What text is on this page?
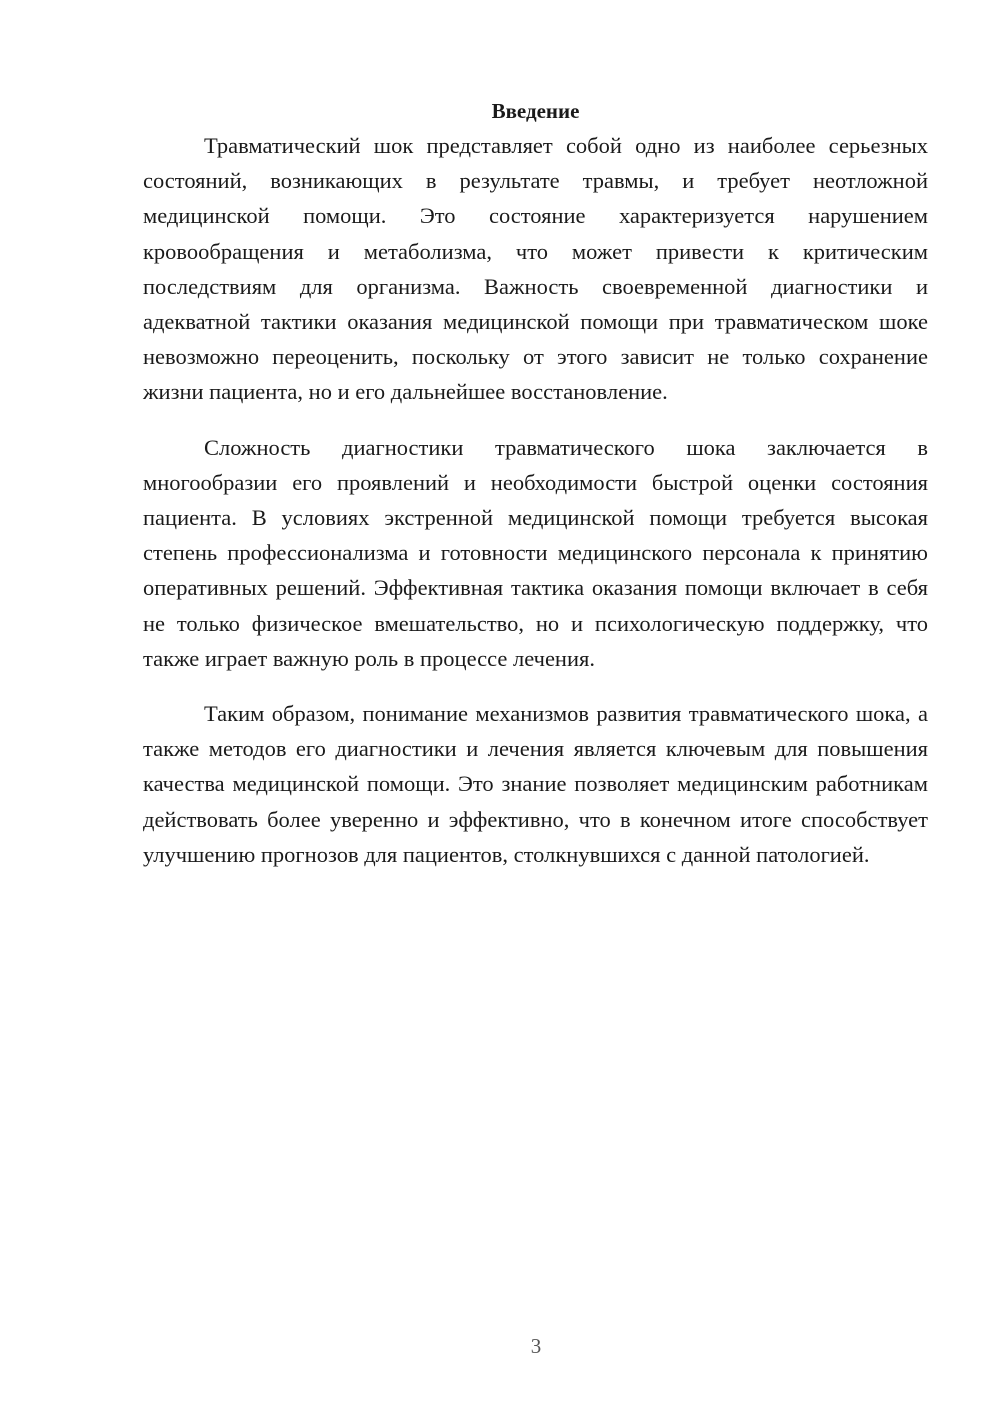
Введение

Травматический шок представляет собой одно из наиболее серьезных состояний, возникающих в результате травмы, и требует неотложной медицинской помощи. Это состояние характеризуется нарушением кровообращения и метаболизма, что может привести к критическим последствиям для организма. Важность своевременной диагностики и адекватной тактики оказания медицинской помощи при травматическом шоке невозможно переоценить, поскольку от этого зависит не только сохранение жизни пациента, но и его дальнейшее восстановление.

Сложность диагностики травматического шока заключается в многообразии его проявлений и необходимости быстрой оценки состояния пациента. В условиях экстренной медицинской помощи требуется высокая степень профессионализма и готовности медицинского персонала к принятию оперативных решений. Эффективная тактика оказания помощи включает в себя не только физическое вмешательство, но и психологическую поддержку, что также играет важную роль в процессе лечения.

Таким образом, понимание механизмов развития травматического шока, а также методов его диагностики и лечения является ключевым для повышения качества медицинской помощи. Это знание позволяет медицинским работникам действовать более уверенно и эффективно, что в конечном итоге способствует улучшению прогнозов для пациентов, столкнувшихся с данной патологией.

3
